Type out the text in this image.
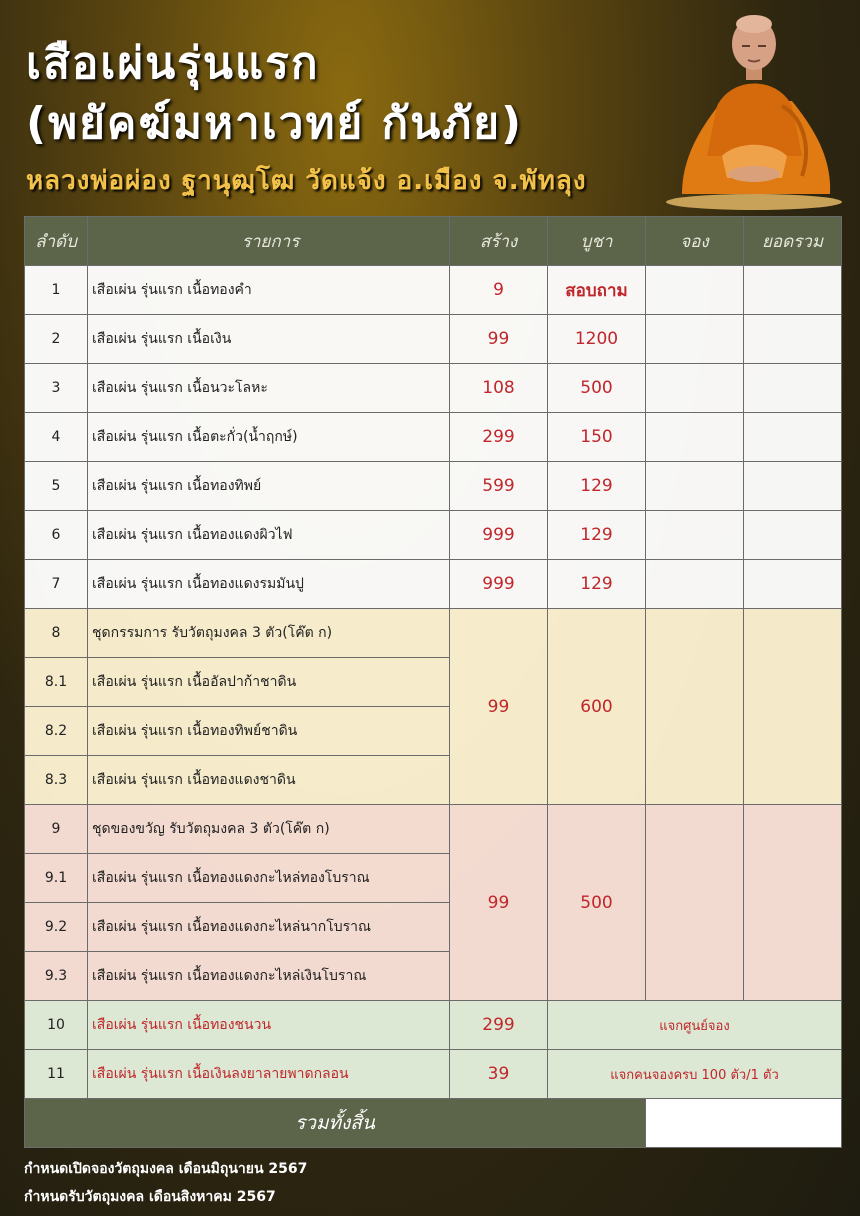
เสือเผ่นรุ่นแรก
(พยัคฆ์มหาเวทย์ กันภัย)
หลวงพ่อผ่อง ฐานุฒฺโฒ วัดแจ้ง อ.เมือง จ.พัทลุง
ลำดับ	รายการ	สร้าง	บูชา	จอง	ยอดรวม
1	เสือเผ่น รุ่นแรก เนื้อทองคำ	9	สอบถาม		
2	เสือเผ่น รุ่นแรก เนื้อเงิน	99	1200		
3	เสือเผ่น รุ่นแรก เนื้อนวะโลหะ	108	500		
4	เสือเผ่น รุ่นแรก เนื้อตะกั่ว(น้ำฤกษ์)	299	150		
5	เสือเผ่น รุ่นแรก เนื้อทองทิพย์	599	129		
6	เสือเผ่น รุ่นแรก เนื้อทองแดงผิวไฟ	999	129		
7	เสือเผ่น รุ่นแรก เนื้อทองแดงรมมันปู	999	129		
8	ชุดกรรมการ รับวัตถุมงคล 3 ตัว(โค๊ต ก)	99	600		
8.1	เสือเผ่น รุ่นแรก เนื้ออัลปาก้าชาดิน				
8.2	เสือเผ่น รุ่นแรก เนื้อทองทิพย์ชาดิน				
8.3	เสือเผ่น รุ่นแรก เนื้อทองแดงชาดิน				
9	ชุดของขวัญ รับวัตถุมงคล 3 ตัว(โค๊ต ก)	99	500		
9.1	เสือเผ่น รุ่นแรก เนื้อทองแดงกะไหล่ทองโบราณ				
9.2	เสือเผ่น รุ่นแรก เนื้อทองแดงกะไหล่นากโบราณ				
9.3	เสือเผ่น รุ่นแรก เนื้อทองแดงกะไหล่เงินโบราณ				
10	เสือเผ่น รุ่นแรก เนื้อทองชนวน	299	แจกศูนย์จอง		
11	เสือเผ่น รุ่นแรก เนื้อเงินลงยาลายพาดกลอน	39	แจกคนจองครบ 100 ตัว/1 ตัว		
รวมทั้งสิ้น					
กำหนดเปิดจองวัตถุมงคล เดือนมิถุนายน 2567
กำหนดรับวัตถุมงคล เดือนสิงหาคม 2567
